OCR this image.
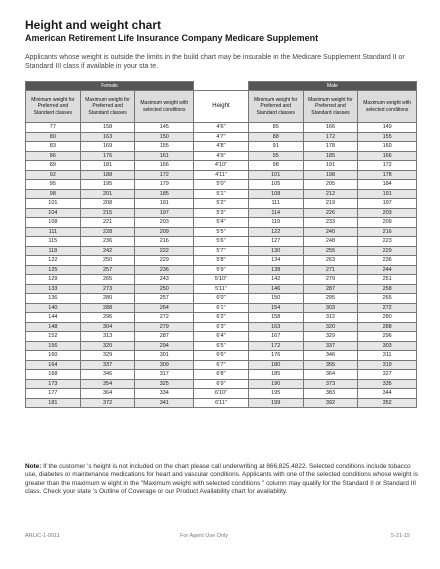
Height and weight chart
American Retirement Life Insurance Company Medicare Supplement

Applicants whose weight is outside the limits in the build chart may be insurable in the Medicare Supplement Standard II or Standard III class if available in your sta te.

Female				Male		
Minimum weight for Preferred and Standard classes	Maximum weight for Preferred and Standard classes	Maximum weight with selected conditions	Height	Minimum weight for Preferred and Standard classes	Maximum weight for Preferred and Standard classes	Maximum weight with selected conditions
77	158	145	4'6"	85	166	149
80	163	150	4'7"	88	172	155
83	169	155	4'8"	91	178	160
86	176	161	4'9"	95	185	166
89	181	166	4'10"	98	191	172
92	188	172	4'11"	101	198	178
95	195	179	5'0"	105	205	184
98	201	185	5'1"	108	212	191
101	208	191	5'2"	111	219	197
104	215	197	5'3"	114	226	203
108	221	203	5'4"	119	233	209
111	228	209	5'5"	122	240	216
115	236	216	5'6"	127	248	223
118	242	222	5'7"	130	255	229
122	250	229	5'8"	134	263	236
125	257	236	5'9"	138	271	244
129	265	243	5'10"	142	279	251
133	273	250	5'11"	146	287	258
136	280	257	6'0"	150	295	265
140	288	264	6'1"	154	303	272
144	296	272	6'2"	158	312	280
148	304	279	6'3"	163	320	288
152	313	287	6'4"	167	329	296
156	320	294	6'5"	172	337	303
160	329	301	6'6"	176	346	311
164	337	309	6'7"	180	355	319
168	346	317	6'8"	185	364	327
173	354	325	6'9"	190	373	335
177	364	334	6'10"	195	383	344
181	372	341	6'11"	199	392	352

Note: If the customer 's height is not included on the chart please call underwriting at 866.825.4822. Selected conditions include tobacco use, diabetes or maintenance medications for heart and vascular conditions. Applicants with one of the selected conditions whose weight is greater than the maximum w eight in the "Maximum weight with selected conditions " column may qualify for the Standard II or Standard III class. Check your state 's Outline of Coverage or our Product Availability chart for availability.

ARLIC-1-0011	For Agent Use Only	5-21-15
